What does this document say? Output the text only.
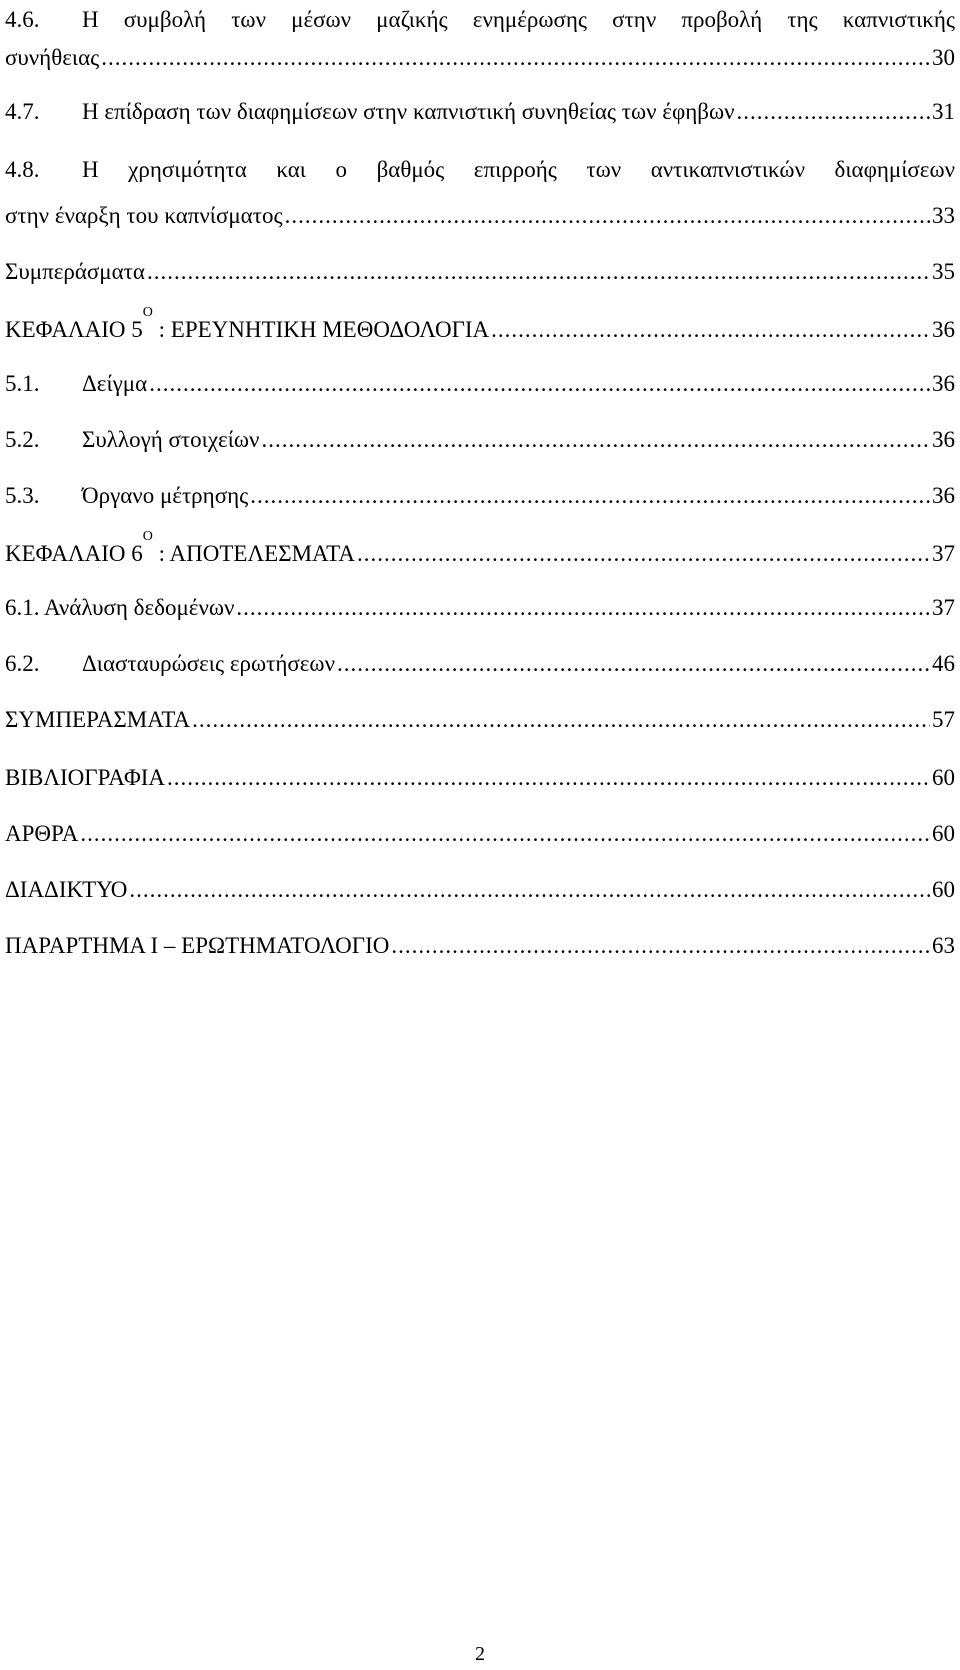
4.6.	Η συμβολή των μέσων μαζικής ενημέρωσης στην προβολή της καπνιστικής
συνήθειας .....	30
4.7.	Η επίδραση των διαφημίσεων στην καπνιστική συνηθείας των έφηβων .....	31
4.8.	Η χρησιμότητα και ο βαθμός επιρροής των αντικαπνιστικών διαφημίσεων
στην έναρξη του καπνίσματος .....	33
Συμπεράσματα .....	35
ΚΕΦΑΛΑΙΟ $5^O$ : ΕΡΕΥΝΗΤΙΚΗ ΜΕΘΟΔΟΛΟΓΙΑ .....	36
5.1.	Δείγμα .....	36
5.2.	Συλλογή στοιχείων .....	36
5.3.	Όργανο μέτρησης .....	36
ΚΕΦΑΛΑΙΟ $6^O$ : ΑΠΟΤΕΛΕΣΜΑΤΑ .....	37
6.1. Ανάλυση δεδομένων .....	37
6.2.	Διασταυρώσεις ερωτήσεων .....	46
ΣΥΜΠΕΡΑΣΜΑΤΑ .....	57
ΒΙΒΛΙΟΓΡΑΦΙΑ .....	60
ΑΡΘΡΑ .....	60
ΔΙΑΔΙΚΤΥΟ .....	60
ΠΑΡΑΡΤΗΜΑ Ι – ΕΡΩΤΗΜΑΤΟΛΟΓΙΟ .....	63
2
